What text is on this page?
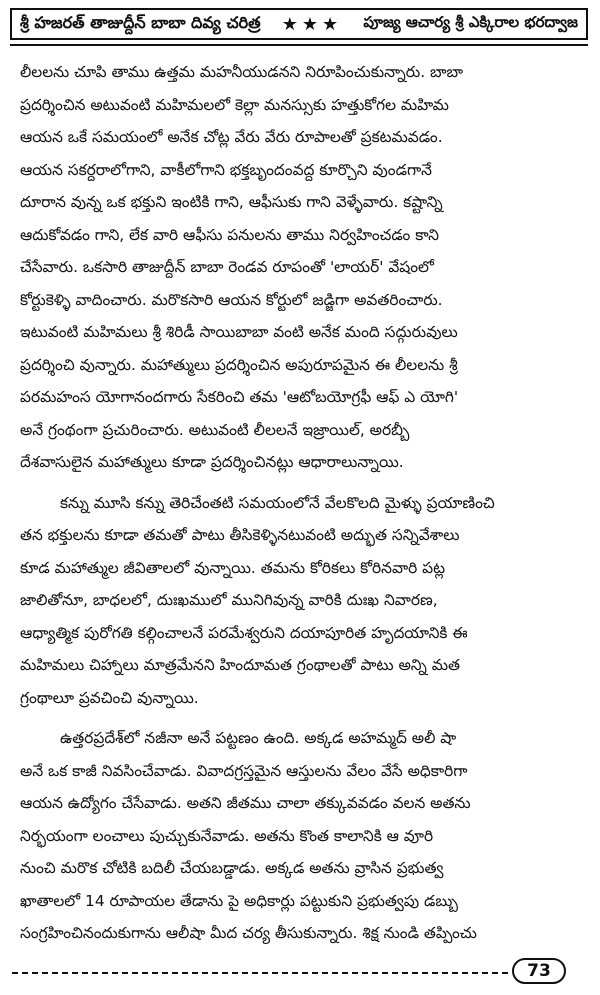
శ్రీ హజరత్ తాజుద్దీన్ బాబా దివ్య చరిత్ర ★★★ పూజ్య ఆచార్య శ్రీ ఎక్కిరాల భరద్వాజ
లీలలను చూపి తాము ఉత్తమ మహనీయుడనని నిరూపించుకున్నారు. బాబా
ప్రదర్శించిన అటువంటి మహిమలలో కెల్లా మనస్సుకు హత్తుకోగల మహిమ
ఆయన ఒకే సమయంలో అనేక చోట్ల వేరు వేరు రూపాలతో ప్రకటమవడం.
ఆయన సకర్దరాలోగాని, వాకీలోగాని భక్తబృందంవద్ద కూర్చొని వుండగానే
దూరాన వున్న ఒక భక్తుని ఇంటికి గాని, ఆఫీసుకు గాని వెళ్ళేవారు. కష్టాన్ని
ఆదుకోవడం గాని, లేక వారి ఆఫీసు పనులను తాము నిర్వహించడం కాని
చేసేవారు. ఒకసారి తాజుద్దీన్ బాబా రెండవ రూపంతో 'లాయర్' వేషంలో
కోర్టుకెళ్ళి వాదించారు. మరొకసారి ఆయన కోర్టులో జడ్జిగా అవతరించారు.
ఇటువంటి మహిమలు శ్రీ శిరిడీ సాయిబాబా వంటి అనేక మంది సద్గురువులు
ప్రదర్శించి వున్నారు. మహాత్ములు ప్రదర్శించిన అపురూపమైన ఈ లీలలను శ్రీ
పరమహంస యోగానందగారు సేకరించి తమ 'ఆటోబయోగ్రఫీ ఆఫ్ ఎ యోగి'
అనే గ్రంథంగా ప్రచురించారు. అటువంటి లీలలనే ఇజ్రాయిల్, అరబ్బీ
దేశవాసులైన మహాత్ములు కూడా ప్రదర్శించినట్లు ఆధారాలున్నాయి.
కన్ను మూసి కన్ను తెరిచేంతటి సమయంలోనే వేలకొలది మైళ్ళు ప్రయాణించి
తన భక్తులను కూడా తమతో పాటు తీసికెళ్ళినటువంటి అద్భుత సన్నివేశాలు
కూడ మహాత్ముల జీవితాలలో వున్నాయి. తమను కోరికలు కోరినవారి పట్ల
జాలితోనూ, బాధలలో, దుఃఖములో మునిగివున్న వారికి దుఃఖ నివారణ,
ఆధ్యాత్మిక పురోగతి కల్గించాలనే పరమేశ్వరుని దయాపూరిత హృదయానికి ఈ
మహిమలు చిహ్నాలు మాత్రమేనని హిందూమత గ్రంథాలతో పాటు అన్ని మత
గ్రంథాలూ ప్రవచించి వున్నాయి.
ఉత్తరప్రదేశ్‌లో నజీనా అనే పట్టణం ఉంది. అక్కడ అహమ్మద్ అలీ షా
అనే ఒక కాజీ నివసించేవాడు. వివాదగ్రస్తమైన ఆస్తులను వేలం వేసే అధికారిగా
ఆయన ఉద్యోగం చేసేవాడు. అతని జీతము చాలా తక్కువవడం వలన అతను
నిర్భయంగా లంచాలు పుచ్చుకునేవాడు. అతను కొంత కాలానికి ఆ వూరి
నుంచి మరొక చోటికి బదిలీ చేయబడ్డాడు. అక్కడ అతను వ్రాసిన ప్రభుత్వ
ఖాతాలలో 14 రూపాయల తేడాను పై అధికార్లు పట్టుకుని ప్రభుత్వపు డబ్బు
సంగ్రహించినందుకుగాను ఆలీషా మీద చర్య తీసుకున్నారు. శిక్ష నుండి తప్పించు
73
